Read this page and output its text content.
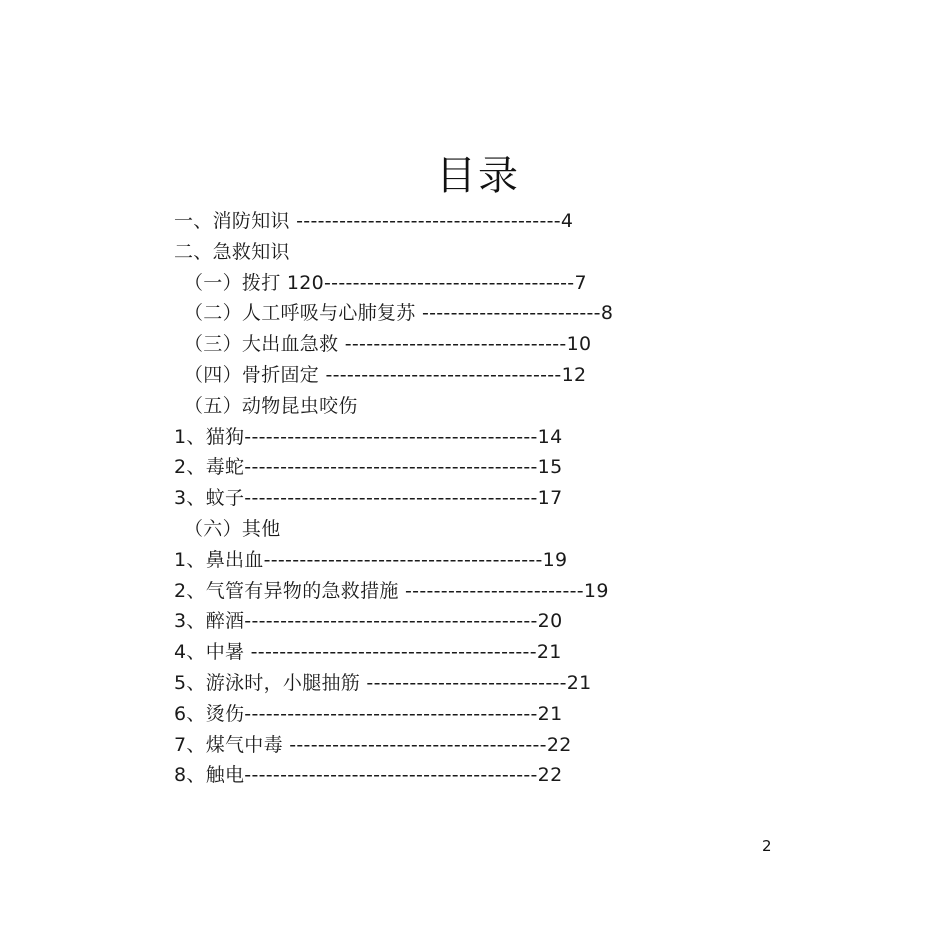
目录
一、消防知识 -------------------------------------4
二、急救知识
（一）拨打 120-----------------------------------7
（二）人工呼吸与心肺复苏 -------------------------8
（三）大出血急救 -------------------------------10
（四）骨折固定 ---------------------------------12
（五）动物昆虫咬伤
1、猫狗-----------------------------------------14
2、毒蛇-----------------------------------------15
3、蚊子-----------------------------------------17
（六）其他
1、鼻出血---------------------------------------19
2、气管有异物的急救措施 -------------------------19
3、醉酒-----------------------------------------20
4、中暑 ----------------------------------------21
5、游泳时，小腿抽筋 ----------------------------21
6、烫伤-----------------------------------------21
7、煤气中毒 ------------------------------------22
8、触电-----------------------------------------22
2
